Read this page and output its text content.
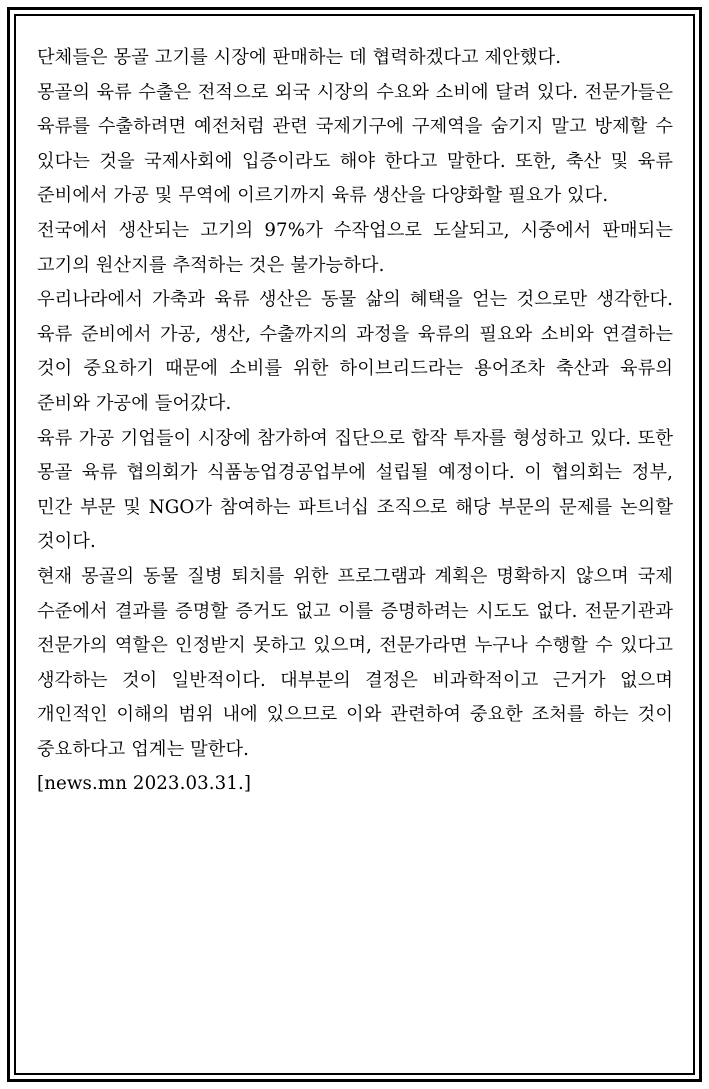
단체들은 몽골 고기를 시장에 판매하는 데 협력하겠다고 제안했다.

몽골의 육류 수출은 전적으로 외국 시장의 수요와 소비에 달려 있다. 전문가들은 육류를 수출하려면 예전처럼 관련 국제기구에 구제역을 숨기지 말고 방제할 수 있다는 것을 국제사회에 입증이라도 해야 한다고 말한다. 또한, 축산 및 육류 준비에서 가공 및 무역에 이르기까지 육류 생산을 다양화할 필요가 있다.

전국에서 생산되는 고기의 97%가 수작업으로 도살되고, 시중에서 판매되는 고기의 원산지를 추적하는 것은 불가능하다.

우리나라에서 가축과 육류 생산은 동물 삶의 혜택을 얻는 것으로만 생각한다. 육류 준비에서 가공, 생산, 수출까지의 과정을 육류의 필요와 소비와 연결하는 것이 중요하기 때문에 소비를 위한 하이브리드라는 용어조차 축산과 육류의 준비와 가공에 들어갔다.

육류 가공 기업들이 시장에 참가하여 집단으로 합작 투자를 형성하고 있다. 또한 몽골 육류 협의회가 식품농업경공업부에 설립될 예정이다. 이 협의회는 정부, 민간 부문 및 NGO가 참여하는 파트너십 조직으로 해당 부문의 문제를 논의할 것이다.

현재 몽골의 동물 질병 퇴치를 위한 프로그램과 계획은 명확하지 않으며 국제 수준에서 결과를 증명할 증거도 없고 이를 증명하려는 시도도 없다. 전문기관과 전문가의 역할은 인정받지 못하고 있으며, 전문가라면 누구나 수행할 수 있다고 생각하는 것이 일반적이다. 대부분의 결정은 비과학적이고 근거가 없으며 개인적인 이해의 범위 내에 있으므로 이와 관련하여 중요한 조처를 하는 것이 중요하다고 업계는 말한다.

[news.mn 2023.03.31.]
